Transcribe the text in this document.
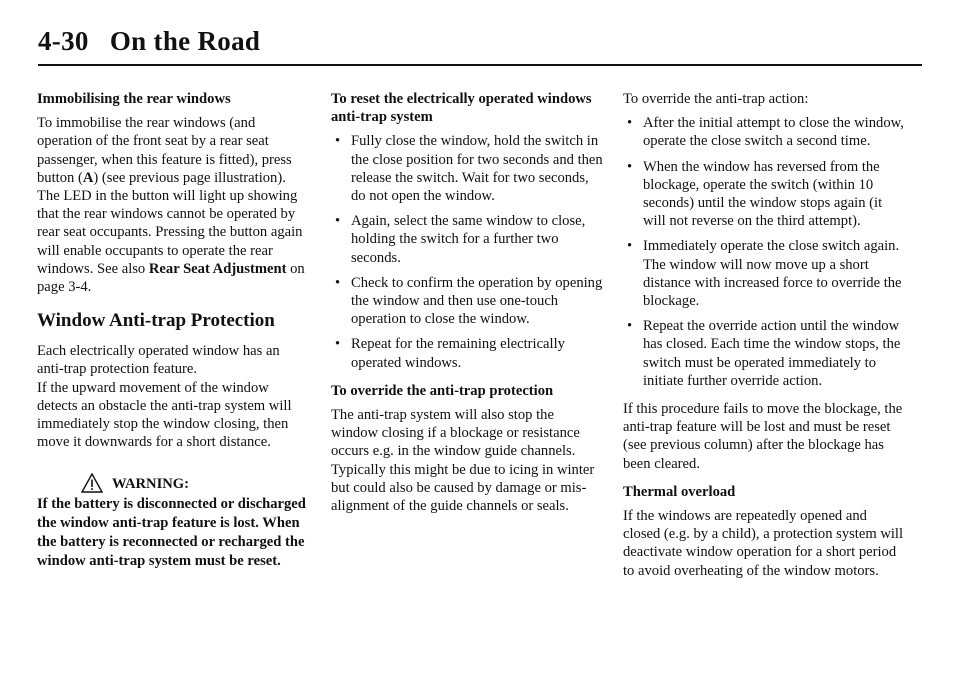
4-30 On the Road
Immobilising the rear windows

To immobilise the rear windows (and operation of the front seat by a rear seat passenger, when this feature is fitted), press button (A) (see previous page illustration). The LED in the button will light up showing that the rear windows cannot be operated by rear seat occupants. Pressing the button again will enable occupants to operate the rear windows. See also Rear Seat Adjustment on page 3-4.

Window Anti-trap Protection
Each electrically operated window has an anti-trap protection feature.

If the upward movement of the window detects an obstacle the anti-trap system will immediately stop the window closing, then move it downwards for a short distance.

WARNING:
If the battery is disconnected or discharged the window anti-trap feature is lost. When the battery is reconnected or recharged the window anti-trap system must be reset.
To reset the electrically operated windows anti-trap system
• Fully close the window, hold the switch in the close position for two seconds and then release the switch. Wait for two seconds, do not open the window.
• Again, select the same window to close, holding the switch for a further two seconds.
• Check to confirm the operation by opening the window and then use one-touch operation to close the window.
• Repeat for the remaining electrically operated windows.
To override the anti-trap protection

The anti-trap system will also stop the window closing if a blockage or resistance occurs e.g. in the window guide channels. Typically this might be due to icing in winter but could also be caused by damage or mis-alignment of the guide channels or seals.

To override the anti-trap action:
• After the initial attempt to close the window, operate the close switch a second time.
• When the window has reversed from the blockage, operate the switch (within 10 seconds) until the window stops again (it will not reverse on the third attempt).
• Immediately operate the close switch again. The window will now move up a short distance with increased force to override the blockage.
• Repeat the override action until the window has closed. Each time the window stops, the switch must be operated immediately to initiate further override action.

If this procedure fails to move the blockage, the anti-trap feature will be lost and must be reset (see previous column) after the blockage has been cleared.

Thermal overload

If the windows are repeatedly opened and closed (e.g. by a child), a protection system will deactivate window operation for a short period to avoid overheating of the window motors.
